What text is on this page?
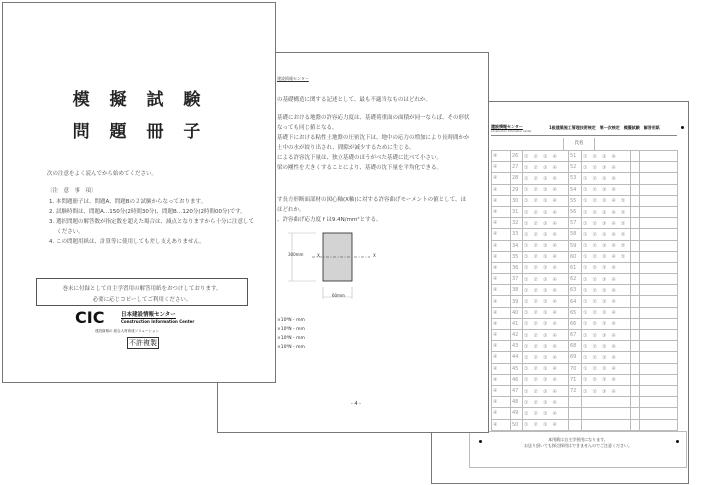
模 擬 試 験
問 題 冊 子
次の注意をよく読んでから始めてください。
〔注　意　事　項〕
1. 本問題冊子は、問題A、問題Bの２試験からなっております。
2. 試験時間は、問題A…150分(2時間30分)、問題B…120分(2時間00分)です。
3. 選択問題の解答数が指定数を超えた場合は、減点となりますから十分に注意して
　 ください。
4. この問題用紙は、計算等に使用しても差し支えありません。
巻末に付録として自主学習用の解答用紙をおつけしております。
必要に応じコピーしてご利用ください。
CIC	日本建設情報センター
Construction Information Center
建設資格の 総合人材育成ソリューション
不許複製
建設情報センター
の基礎構造に関する記述として、最も不適当なものはどれか。
基礎における地盤の許容応力度は、基礎荷重面の面積が同一ならば、その形状
なっても同じ値となる。
基礎下における粘性土地盤の圧密沈下は、地中の応力の増加により長時間かか
土中の水が絞り出され、間隙が減少するために生じる。
による許容沈下量は、独立基礎のほうがべた基礎に比べて小さい。
梁の剛性を大きくすることにより、基礎の沈下量を平均化できる。
す長方形断面部材の図心軸(X軸)に対する許容曲げモーメントの値として、ほ
はどれか。
、許容曲げ応力度 f は9.4N/mm²とする。
300mm	X	X
60mm
×10⁶N・mm
×10⁶N・mm
×10⁶N・mm
×10⁶N・mm
- 4 -
建設情報センター
Construction Information Center
1級建築施工管理技術検定　第一次検定　模擬試験　解答用紙
氏名
④	26	①　②　③　④	51	①　②　③　④		
④	27	①　②　③　④	52	①　②　③　④		
④	28	①　②　③　④	53	①　②　③　④		
④	29	①　②　③　④	54	①　②　③　④		
④	30	①　②　③　④	55	①　②　③　④　⑤		
④	31	①　②　③　④	56	①　②　③　④　⑤		
④	32	①　②　③　④	57	①　②　③　④　⑤		
④	33	①　②　③　④	58	①　②　③　④　⑤		
④	34	①　②　③　④	59	①　②　③　④　⑤		
④	35	①　②　③　④	60	①　②　③　④　⑤		
④	36	①　②　③　④	61	①　②　③　④		
④	37	①　②　③　④	62	①　②　③　④		
④	38	①　②　③　④	63	①　②　③　④		
④	39	①　②　③　④	64	①　②　③　④		
④	40	①　②　③　④	65	①　②　③　④		
④	41	①　②　③　④	66	①　②　③　④		
④	42	①　②　③　④	67	①　②　③　④		
④	43	①　②　③　④	68	①　②　③　④		
④	44	①　②　③　④	69	①　②　③　④		
④	45	①　②　③　④	70	①　②　③　④		
④	46	①　②　③　④	71	①　②　③　④		
④	47	①　②　③　④	72	①　②　③　④		
④	48	①　②　③　④				
④	49	①　②　③　④				
④	50	①　②　③　④				
本用紙は自主学習用になります。
お送り頂いても採点採用はできませんのでご注意ください。
